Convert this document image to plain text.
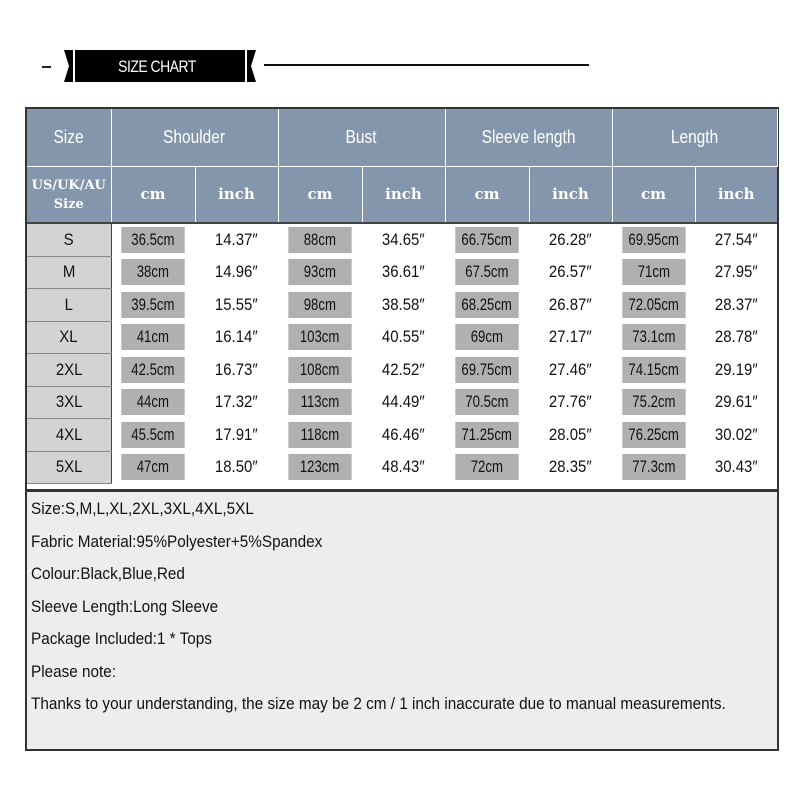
SIZE CHART
Size	Shoulder		Bust		Sleeve length		Length	

US/UK/AU
Size	cm	inch	cm	inch	cm	inch	cm	inch
S	36.5cm	14.37″	88cm	34.65″	66.75cm	26.28″	69.95cm	27.54″
M	38cm	14.96″	93cm	36.61″	67.5cm	26.57″	71cm	27.95″
L	39.5cm	15.55″	98cm	38.58″	68.25cm	26.87″	72.05cm	28.37″
XL	41cm	16.14″	103cm	40.55″	69cm	27.17″	73.1cm	28.78″
2XL	42.5cm	16.73″	108cm	42.52″	69.75cm	27.46″	74.15cm	29.19″
3XL	44cm	17.32″	113cm	44.49″	70.5cm	27.76″	75.2cm	29.61″
4XL	45.5cm	17.91″	118cm	46.46″	71.25cm	28.05″	76.25cm	30.02″
5XL	47cm	18.50″	123cm	48.43″	72cm	28.35″	77.3cm	30.43″
Size:S,M,L,XL,2XL,3XL,4XL,5XL
Fabric Material:95%Polyester+5%Spandex
Colour:Black,Blue,Red
Sleeve Length:Long Sleeve
Package Included:1 * Tops
Please note:
Thanks to your understanding, the size may be 2 cm / 1 inch inaccurate due to manual measurements.
